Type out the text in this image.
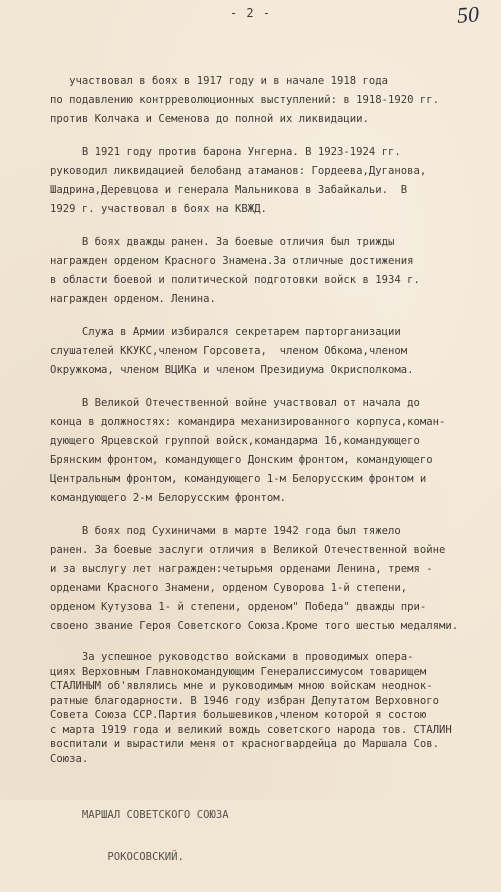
- 2 -	50
участвовал в боях в 1917 году и в начале 1918 года
по подавлению контрреволюционных выступлений: в 1918-1920 гг.
против Колчака и Семенова до полной их ликвидации.
В 1921 году против барона Унгерна. В 1923-1924 гг.
руководил ликвидацией белобанд атаманов: Гордеева,Дуганова,
Шадрина,Деревцова и генерала Мальникова в Забайкальи.  В
1929 г. участвовал в боях на КВЖД.
В боях дважды ранен. За боевые отличия был трижды
награжден орденом Красного Знамена.За отличные достижения
в области боевой и политической подготовки войск в 1934 г.
награжден орденом. Ленина.
Служа в Армии избирался секретарем парторганизации
слушателей ККУКС,членом Горсовета,  членом Обкома,членом
Окружкома, членом ВЦИКа и членом Президиума Окрисполкома.
В Великой Отечественной войне участвовал от начала до
конца в должностях: командира механизированного корпуса,коман-
дующего Ярцевской группой войск,командарма 16,командующего
Брянским фронтом, командующего Донским фронтом, командующего
Центральным фронтом, командующего 1-м Белорусским фронтом и
командующего 2-м Белорусским фронтом.
В боях под Сухиничами в марте 1942 года был тяжело
ранен. За боевые заслуги отличия в Великой Отечественной войне
и за выслугу лет награжден:четырьмя орденами Ленина, тремя -
орденами Красного Знамени, орденом Суворова 1-й степени,
орденом Кутузова 1- й степени, орденом" Победа" дважды при-
своено звание Героя Советского Союза.Кроме того шестью медалями.
За успешное руководство войсками в проводимых опера-
циях Верховным Главнокомандующим Генералиссимусом товарищем
СТАЛИНЫМ об'являлись мне и руководимым мною войскам неоднок-
ратные благодарности. В 1946 году избран Депутатом Верховного
Совета Союза ССР.Партия большевиков,членом которой я состою
с марта 1919 года и великий вождь советского народа тов. СТАЛИН
воспитали и вырастили меня от красногвардейца до Маршала Сов.
Союза.

МАРШАЛ СОВЕТСКОГО СОЮЗА

РОКОСОВСКИЙ.
